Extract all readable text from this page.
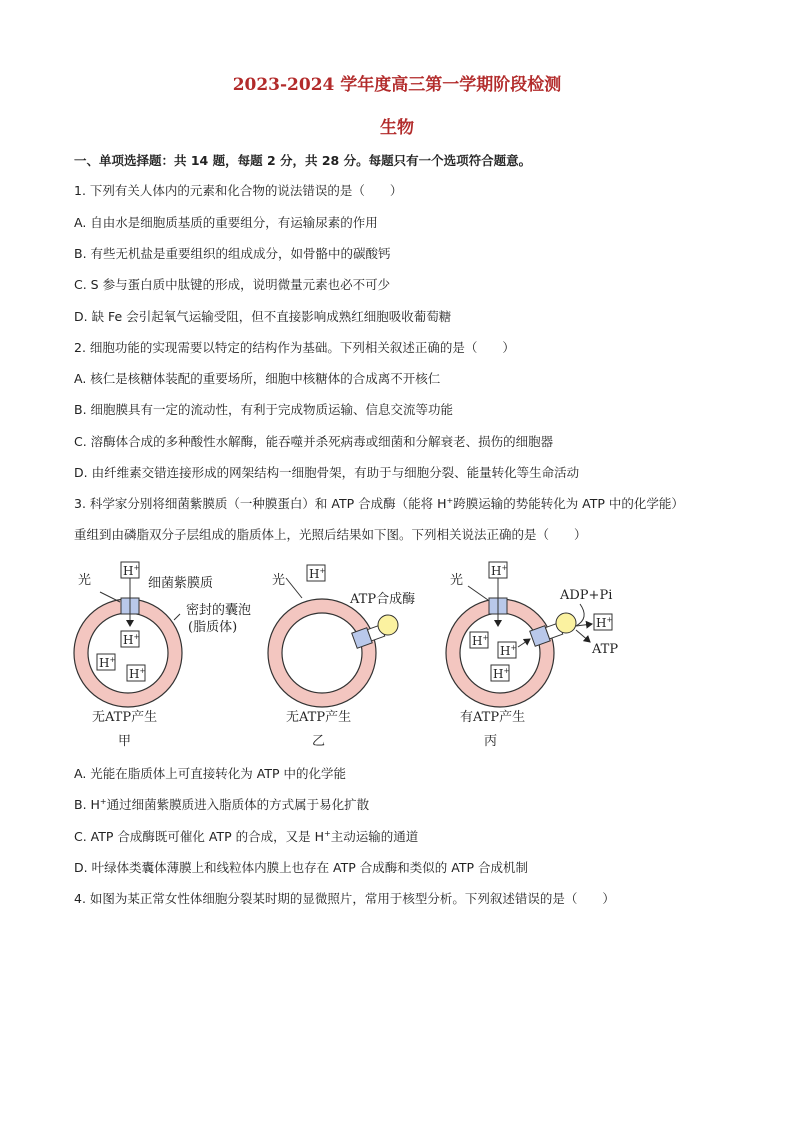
2023-2024 学年度高三第一学期阶段检测
生物
一、单项选择题：共 14 题，每题 2 分，共 28 分。每题只有一个选项符合题意。
1. 下列有关人体内的元素和化合物的说法错误的是（　　）
A. 自由水是细胞质基质的重要组分，有运输尿素的作用
B. 有些无机盐是重要组织的组成成分，如骨骼中的碳酸钙
C. S 参与蛋白质中肽键的形成，说明微量元素也必不可少
D. 缺 Fe 会引起氧气运输受阻，但不直接影响成熟红细胞吸收葡萄糖
2. 细胞功能的实现需要以特定的结构作为基础。下列相关叙述正确的是（　　）
A. 核仁是核糖体装配的重要场所，细胞中核糖体的合成离不开核仁
B. 细胞膜具有一定的流动性，有利于完成物质运输、信息交流等功能
C. 溶酶体合成的多种酸性水解酶，能吞噬并杀死病毒或细菌和分解衰老、损伤的细胞器
D. 由纤维素交错连接形成的网架结构一细胞骨架，有助于与细胞分裂、能量转化等生命活动
3. 科学家分别将细菌紫膜质（一种膜蛋白）和 ATP 合成酶（能将 H+跨膜运输的势能转化为 ATP 中的化学能）
重组到由磷脂双分子层组成的脂质体上，光照后结果如下图。下列相关说法正确的是（　　）
光
H+
H+
H+
H+
细菌紫膜质
密封的囊泡
(脂质体)
无ATP产生
甲
光 H+
ATP合成酶
无ATP产生
乙
光
H+
H+
H+
H+
ADP+Pi
H+
ATP
有ATP产生
丙
A. 光能在脂质体上可直接转化为 ATP 中的化学能
B. H+通过细菌紫膜质进入脂质体的方式属于易化扩散
C. ATP 合成酶既可催化 ATP 的合成，又是 H+主动运输的通道
D. 叶绿体类囊体薄膜上和线粒体内膜上也存在 ATP 合成酶和类似的 ATP 合成机制
4. 如图为某正常女性体细胞分裂某时期的显微照片，常用于核型分析。下列叙述错误的是（　　）
